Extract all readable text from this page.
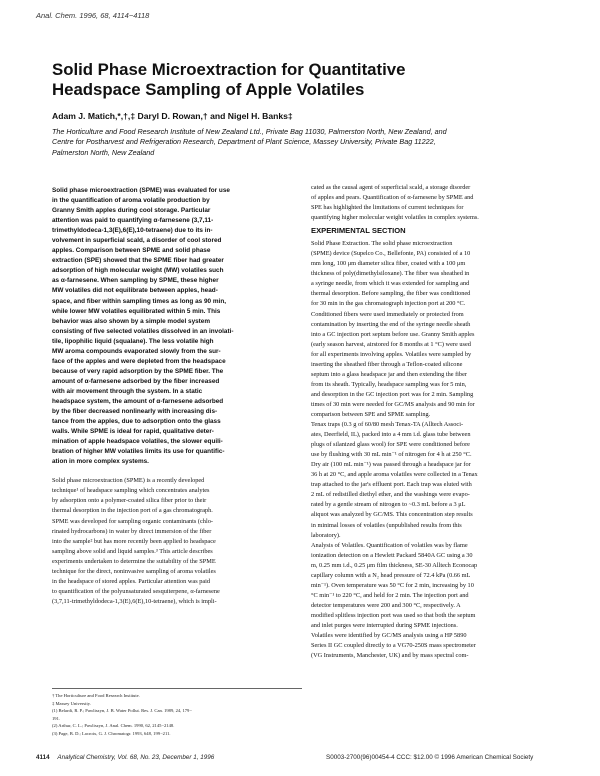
Anal. Chem. 1996, 68, 4114−4118
Solid Phase Microextraction for Quantitative
Headspace Sampling of Apple Volatiles
Adam J. Matich,*,†,‡ Daryl D. Rowan,† and Nigel H. Banks‡
The Horticulture and Food Research Institute of New Zealand Ltd., Private Bag 11030, Palmerston North, New Zealand, and
Centre for Postharvest and Refrigeration Research, Department of Plant Science, Massey University, Private Bag 11222,
Palmerston North, New Zealand
Solid phase microextraction (SPME) was evaluated for use
in the quantification of aroma volatile production by
Granny Smith apples during cool storage. Particular
attention was paid to quantifying α-farnesene (3,7,11-
trimethyldodeca-1,3(E),6(E),10-tetraene) due to its in-
volvement in superficial scald, a disorder of cool stored
apples. Comparison between SPME and solid phase
extraction (SPE) showed that the SPME fiber had greater
adsorption of high molecular weight (MW) volatiles such
as α-farnesene. When sampling by SPME, these higher
MW volatiles did not equilibrate between apples, head-
space, and fiber within sampling times as long as 90 min,
while lower MW volatiles equilibrated within 5 min. This
behavior was also shown by a simple model system
consisting of five selected volatiles dissolved in an involati-
tile, lipophilic liquid (squalane). The less volatile high
MW aroma compounds evaporated slowly from the sur-
face of the apples and were depleted from the headspace
because of very rapid adsorption by the SPME fiber. The
amount of α-farnesene adsorbed by the fiber increased
with air movement through the system. In a static
headspace system, the amount of α-farnesene adsorbed
by the fiber decreased nonlinearly with increasing dis-
tance from the apples, due to adsorption onto the glass
walls. While SPME is ideal for rapid, qualitative deter-
mination of apple headspace volatiles, the slower equili-
bration of higher MW volatiles limits its use for quantific-
ation in more complex systems.
Solid phase microextraction (SPME) is a recently developed
technique¹ of headspace sampling which concentrates analytes
by adsorption onto a polymer-coated silica fiber prior to their
thermal desorption in the injection port of a gas chromatograph.
SPME was developed for sampling organic contaminants (chlo-
rinated hydrocarbons) in water by direct immersion of the fiber
into the sample² but has more recently been applied to headspace
sampling above solid and liquid samples.³ This article describes
experiments undertaken to determine the suitability of the SPME
technique for the direct, noninvasive sampling of aroma volatiles
in the headspace of stored apples. Particular attention was paid
to quantification of the polyunsaturated sesquiterpene, α-farnesene
(3,7,11-trimethyldodeca-1,3(E),6(E),10-tetraene), which is impli-
† The Horticulture and Food Research Institute.
‡ Massey University.
(1) Belardi, R. P.; Pawliszyn, J. B. Water Pollut. Res. J. Can. 1989, 24, 179−
191.
(2) Arthur, C. L.; Pawliszyn, J. Anal. Chem. 1990, 62, 2145−2148.
(3) Page, B. D.; Lacroix, G. J. Chromatogr. 1993, 648, 199−211.
cated as the causal agent of superficial scald, a storage disorder
of apples and pears. Quantification of α-farnesene by SPME and
SPE has highlighted the limitations of current techniques for
quantifying higher molecular weight volatiles in complex systems.
EXPERIMENTAL SECTION
Solid Phase Extraction. The solid phase microextraction
(SPME) device (Supelco Co., Bellefonte, PA) consisted of a 10
mm long, 100 μm diameter silica fiber, coated with a 100 μm
thickness of poly(dimethylsiloxane). The fiber was sheathed in
a syringe needle, from which it was extended for sampling and
thermal desorption. Before sampling, the fiber was conditioned
for 30 min in the gas chromatograph injection port at 200 °C.
Conditioned fibers were used immediately or protected from
contamination by inserting the end of the syringe needle sheath
into a GC injection port septum before use. Granny Smith apples
(early season harvest, airstored for 8 months at 1 °C) were used
for all experiments involving apples. Volatiles were sampled by
inserting the sheathed fiber through a Teflon-coated silicone
septum into a glass headspace jar and then extending the fiber
from its sheath. Typically, headspace sampling was for 5 min,
and desorption in the GC injection port was for 2 min. Sampling
times of 30 min were needed for GC/MS analysis and 90 min for
comparison between SPE and SPME sampling.
Tenax traps (0.3 g of 60/80 mesh Tenax-TA (Alltech Associ-
ates, Deerfield, IL), packed into a 4 mm i.d. glass tube between
plugs of silanized glass wool) for SPE were conditioned before
use by flushing with 30 mL min⁻¹ of nitrogen for 4 h at 250 °C.
Dry air (100 mL min⁻¹) was passed through a headspace jar for
36 h at 20 °C, and apple aroma volatiles were collected in a Tenax
trap attached to the jar's effluent port. Each trap was eluted with
2 mL of redistilled diethyl ether, and the washings were evapo-
rated by a gentle stream of nitrogen to ~0.3 mL before a 3 μL
aliquot was analyzed by GC/MS. This concentration step results
in minimal losses of volatiles (unpublished results from this
laboratory).
Analysis of Volatiles. Quantification of volatiles was by flame
ionization detection on a Hewlett Packard 5840A GC using a 30
m, 0.25 mm i.d., 0.25 μm film thickness, SE-30 Alltech Econocap
capillary column with a N₂ head pressure of 72.4 kPa (0.66 mL
min⁻¹). Oven temperature was 50 °C for 2 min, increasing by 10
°C min⁻¹ to 220 °C, and held for 2 min. The injection port and
detector temperatures were 200 and 300 °C, respectively. A
modified splitless injection port was used so that both the septum
and inlet purges were interrupted during SPME injections.
Volatiles were identified by GC/MS analysis using a HP 5890
Series II GC coupled directly to a VG70-250S mass spectrometer
(VG Instruments, Manchester, UK) and by mass spectral com-
4114 Analytical Chemistry, Vol. 68, No. 23, December 1, 1996	S0003-2700(96)00454-4 CCC: $12.00 © 1996 American Chemical Society
